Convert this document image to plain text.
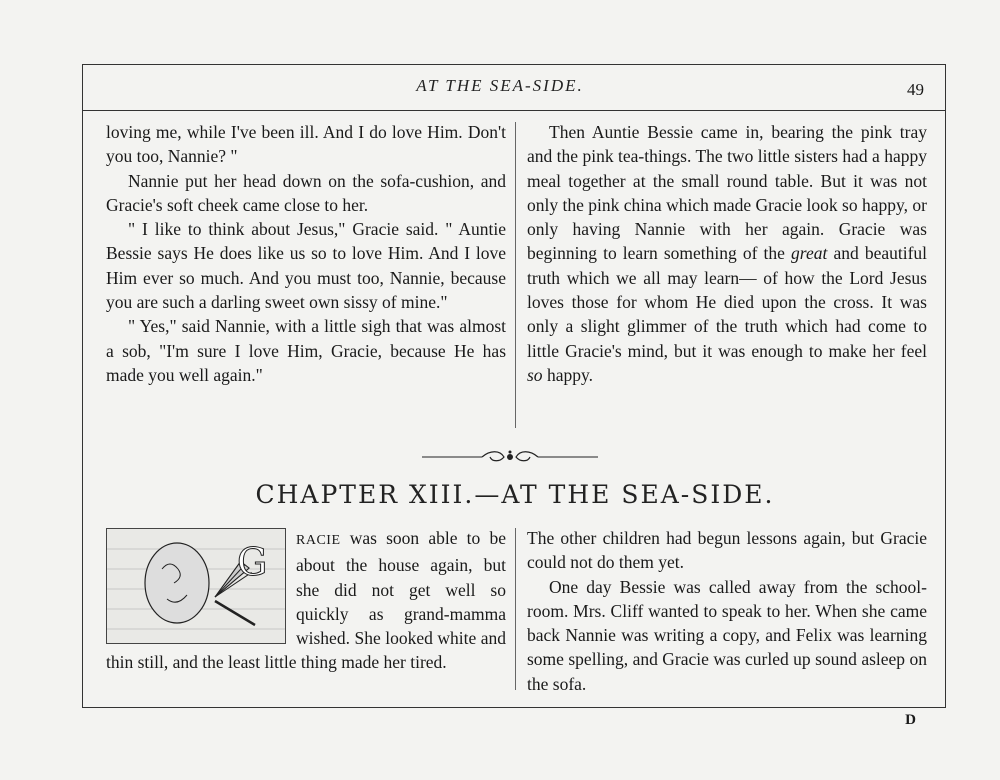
AT THE SEA-SIDE.	49

loving me, while I've been ill. And I do love Him. Don't you too, Nannie? "

Nannie put her head down on the sofa-cushion, and Gracie's soft cheek came close to her.

" I like to think about Jesus," Gracie said. " Auntie Bessie says He does like us so to love Him. And I love Him ever so much. And you must too, Nannie, because you are such a darling sweet own sissy of mine."

" Yes," said Nannie, with a little sigh that was almost a sob, "I'm sure I love Him, Gracie, because He has made you well again."

Then Auntie Bessie came in, bearing the pink tray and the pink tea-things. The two little sisters had a happy meal together at the small round table. But it was not only the pink china which made Gracie look so happy, or only having Nannie with her again. Gracie was beginning to learn something of the great and beautiful truth which we all may learn— of how the Lord Jesus loves those for whom He died upon the cross. It was only a slight glimmer of the truth which had come to little Gracie's mind, but it was enough to make her feel so happy.

CHAPTER XIII.—AT THE SEA-SIDE.
G	RACIE was soon able to be about the house again, but she did not get well so quickly as grand-mamma wished. She looked white and thin still, and the least little thing made her tired.

The other children had begun lessons again, but Gracie could not do them yet.

One day Bessie was called away from the school-room. Mrs. Cliff wanted to speak to her. When she came back Nannie was writing a copy, and Felix was learning some spelling, and Gracie was curled up sound asleep on the sofa.

D
